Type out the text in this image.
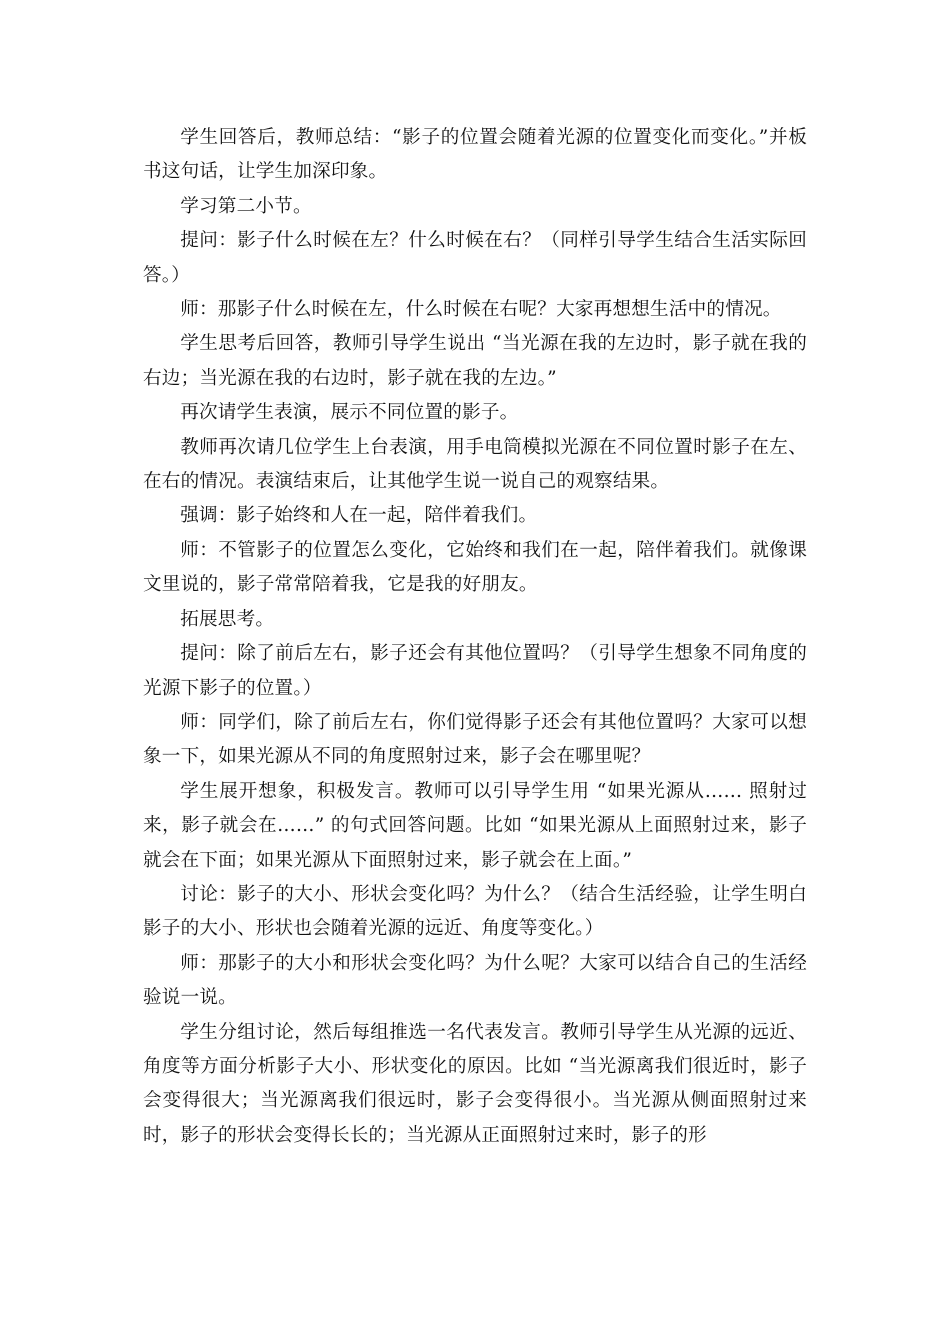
学生回答后，教师总结：“影子的位置会随着光源的位置变化而变化。”并板书这句话，让学生加深印象。

学习第二小节。

提问：影子什么时候在左？什么时候在右？（同样引导学生结合生活实际回答。）

师：那影子什么时候在左，什么时候在右呢？大家再想想生活中的情况。

学生思考后回答，教师引导学生说出 “当光源在我的左边时，影子就在我的右边；当光源在我的右边时，影子就在我的左边。”

再次请学生表演，展示不同位置的影子。

教师再次请几位学生上台表演，用手电筒模拟光源在不同位置时影子在左、在右的情况。表演结束后，让其他学生说一说自己的观察结果。

强调：影子始终和人在一起，陪伴着我们。

师：不管影子的位置怎么变化，它始终和我们在一起，陪伴着我们。就像课文里说的，影子常常陪着我，它是我的好朋友。

拓展思考。

提问：除了前后左右，影子还会有其他位置吗？（引导学生想象不同角度的光源下影子的位置。）

师：同学们，除了前后左右，你们觉得影子还会有其他位置吗？大家可以想象一下，如果光源从不同的角度照射过来，影子会在哪里呢？

学生展开想象，积极发言。教师可以引导学生用 “如果光源从…… 照射过来，影子就会在……” 的句式回答问题。比如 “如果光源从上面照射过来，影子就会在下面；如果光源从下面照射过来，影子就会在上面。”

讨论：影子的大小、形状会变化吗？为什么？（结合生活经验，让学生明白影子的大小、形状也会随着光源的远近、角度等变化。）

师：那影子的大小和形状会变化吗？为什么呢？大家可以结合自己的生活经验说一说。

学生分组讨论，然后每组推选一名代表发言。教师引导学生从光源的远近、角度等方面分析影子大小、形状变化的原因。比如 “当光源离我们很近时，影子会变得很大；当光源离我们很远时，影子会变得很小。当光源从侧面照射过来时，影子的形状会变得长长的；当光源从正面照射过来时，影子的形
